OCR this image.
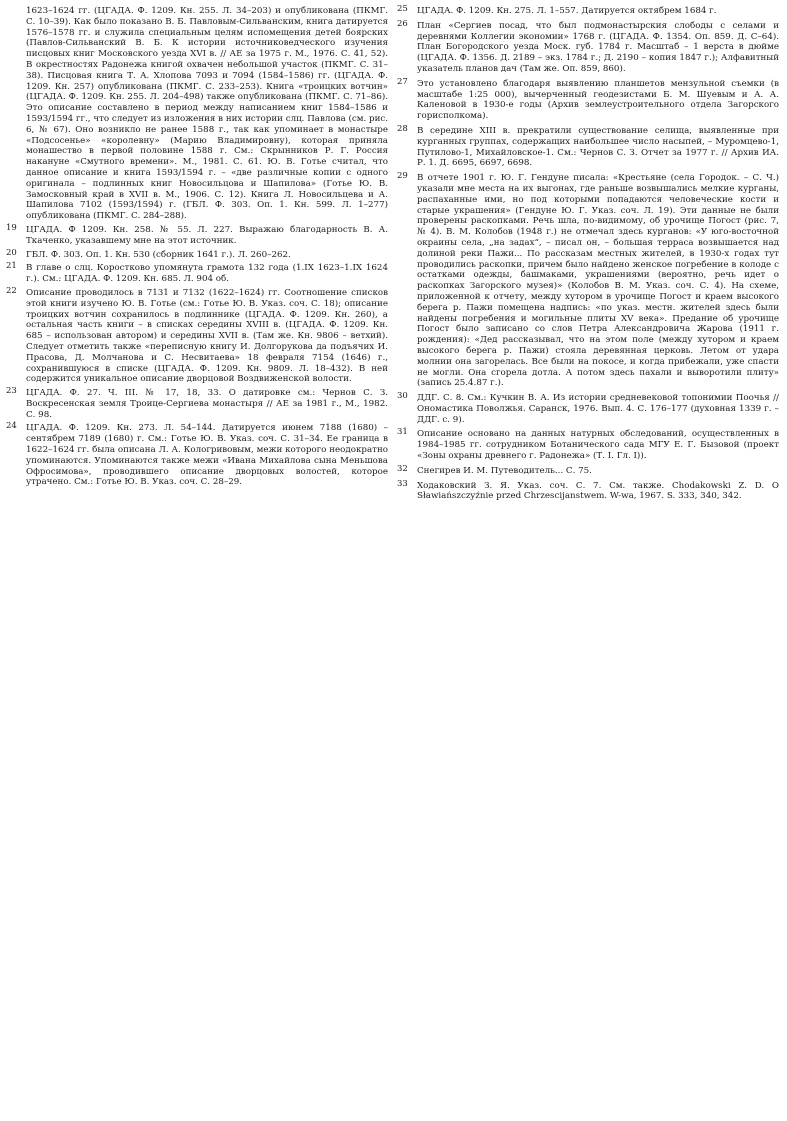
1623–1624 гг. (ЦГАДА. Ф. 1209. Кн. 255. Л. 34–203) и опубликована (ПКМГ. С. 10–39). Как было показано В. Б. Павловым-Сильванским, книга датируется 1576–1578 гг. и служила специальным целям испомещения детей боярских (Павлов-Сильванский В. Б. К истории источниковедческого изучения писцовых книг Московского уезда XVI в. // АЕ за 1975 г. М., 1976. С. 41, 52). В окрестностях Радонежа книгой охвачен небольшой участок (ПКМГ. С. 31–38). Писцовая книга Т. А. Хлопова 7093 и 7094 (1584–1586) гг. (ЦГАДА. Ф. 1209. Кн. 257) опубликована (ПКМГ. С. 233–253). Книга «троицких вотчин» (ЦГАДА. Ф. 1209. Кн. 255. Л. 204–498) также опубликована (ПКМГ. С. 71–86). Это описание составлено в период между написанием книг 1584–1586 и 1593/1594 гг., что следует из изложения в них истории слц. Павлова (см. рис. 6, № 67). Оно возникло не ранее 1588 г., так как упоминает в монастыре «Подсосенье» «королевну» (Марию Владимировну), которая приняла монашество в первой половине 1588 г. См.: Скрынников Р. Г. Россия накануне «Смутного времени». М., 1981. С. 61. Ю. В. Готье считал, что данное описание и книга 1593/1594 г. – «две различные копии с одного оригинала – подлинных книг Новосильцова и Шапилова» (Готье Ю. В. Замосковный край в XVII в. М., 1906. С. 12). Книга Л. Новосильцева и А. Шапилова 7102 (1593/1594) г. (ГБЛ. Ф. 303. Оп. 1. Кн. 599. Л. 1–277) опубликована (ПКМГ. С. 284–288).

19 ЦГАДА. Ф 1209. Кн. 258. № 55. Л. 227. Выражаю благодарность В. А. Ткаченко, указавшему мне на этот источник.

20 ГБЛ. Ф. 303. Оп. 1. Кн. 530 (сборник 1641 г.). Л. 260–262.

21 В главе о слц. Коростково упомянута грамота 132 года (1.IX 1623–1.IX 1624 г.). См.: ЦГАДА. Ф. 1209. Кн. 685. Л. 904 об.

22 Описание проводилось в 7131 и 7132 (1622–1624) гг. Соотношение списков этой книги изучено Ю. В. Готье (см.: Готье Ю. В. Указ. соч. С. 18); описание троицких вотчин сохранилось в подлиннике (ЦГАДА. Ф. 1209. Кн. 260), а остальная часть книги – в списках середины XVIII в. (ЦГАДА. Ф. 1209. Кн. 685 – использован автором) и середины XVII в. (Там же. Кн. 9806 – ветхий). Следует отметить также «переписную книгу И. Долгорукова да подъячих И. Прасова, Д. Молчанова и С. Несвитаева» 18 февраля 7154 (1646) г., сохранившуюся в списке (ЦГАДА. Ф. 1209. Кн. 9809. Л. 18–432). В ней содержится уникальное описание дворцовой Воздвиженской волости.

23 ЦГАДА. Ф. 27. Ч. III. № 17, 18, 33. О датировке см.: Чернов С. З. Воскресенская земля Троице-Сергиева монастыря // АЕ за 1981 г., М., 1982. С. 98.

24 ЦГАДА. Ф. 1209. Кн. 273. Л. 54–144. Датируется июнем 7188 (1680) – сентябрем 7189 (1680) г. См.: Готье Ю. В. Указ. соч. С. 31–34. Ее граница в 1622–1624 гг. была описана Л. А. Кологривовым, межи которого неодократно упоминаются. Упоминаются также межи «Ивана Михайлова сына Меньшова Офросимова», проводившего описание дворцовых волостей, которое утрачено. См.: Готье Ю. В. Указ. соч. С. 28–29.

25 ЦГАДА. Ф. 1209. Кн. 275. Л. 1–557. Датируется октябрем 1684 г.

26 План «Сергиев посад, что был подмонастырския слободы с селами и деревнями Коллегии экономии» 1768 г. (ЦГАДА. Ф. 1354. Оп. 859. Д. С–64). План Богородского уезда Моск. губ. 1784 г. Масштаб – 1 верста в дюйме (ЦГАДА. Ф. 1356. Д. 2189 – экз. 1784 г.; Д. 2190 – копия 1847 г.); Алфавитный указатель планов дач (Там же. Оп. 859, 860).

27 Это установлено благодаря выявлению планшетов мензульной съемки (в масштабе 1:25 000), вычерченный геодезистами Б. М. Шуевым и А. А. Каленовой в 1930-е годы (Архив землеустроительного отдела Загорского горисполкома).

28 В середине XIII в. прекратили существование селища, выявленные при курганных группах, содержащих наибольшее число насыпей, – Муромцево-1, Путилово-1, Михайловское-1. См.: Чернов С. З. Отчет за 1977 г. // Архив ИА. Р. 1. Д. 6695, 6697, 6698.

29 В отчете 1901 г. Ю. Г. Гендуне писала: «Крестьяне (села Городок. – С. Ч.) указали мне места на их выгонах, где раньше возвышались мелкие курганы, распаханные ими, но под которыми попадаются человеческие кости и старые украшения» (Гендуне Ю. Г. Указ. соч. Л. 19). Эти данные не были проверены раскопками. Речь шла, по-видимому, об урочище Погост (рис. 7, № 4). В. М. Колобов (1948 г.) не отмечал здесь курганов: «У юго-восточной окраины села, „на задах“, – писал он, – большая терраса возвышается над долиной реки Пажи... По рассказам местных жителей, в 1930-х годах тут проводились раскопки, причем было найдено женское погребение в колоде с остатками одежды, башмаками, украшениями (вероятно, речь идет о раскопках Загорского музея)» (Колобов В. М. Указ. соч. С. 4). На схеме, приложенной к отчету, между хутором в урочище Погост и краем высокого берега р. Пажи помещена надпись: «по указ. местн. жителей здесь были найдены погребения и могильные плиты XV века». Предание об урочище Погост было записано со слов Петра Александровича Жарова (1911 г. рождения): «Дед рассказывал, что на этом поле (между хутором и краем высокого берега р. Пажи) стояла деревянная церковь. Летом от удара молнии она загорелась. Все были на покосе, и когда прибежали, уже спасти не могли. Она сгорела дотла. А потом здесь пахали и выворотили плиту» (запись 25.4.87 г.).

30 ДДГ. С. 8. См.: Кучкин В. А. Из истории средневековой топонимии Поочья // Ономастика Поволжья. Саранск, 1976. Вып. 4. С. 176–177 (духовная 1339 г. – ДДГ. с. 9).

31 Описание основано на данных натурных обследований, осуществленных в 1984–1985 гг. сотрудником Ботанического сада МГУ Е. Г. Бызовой (проект «Зоны охраны древнего г. Радонежа» (Т. I. Гл. I)).

32 Снегирев И. М. Путеводитель... С. 75.

33 Ходаковский З. Я. Указ. соч. С. 7. См. также. Chodakowski Z. D. O Sławiańszczyźnie przed Chrzescijanstwem. W-wa, 1967. S. 333, 340, 342.
